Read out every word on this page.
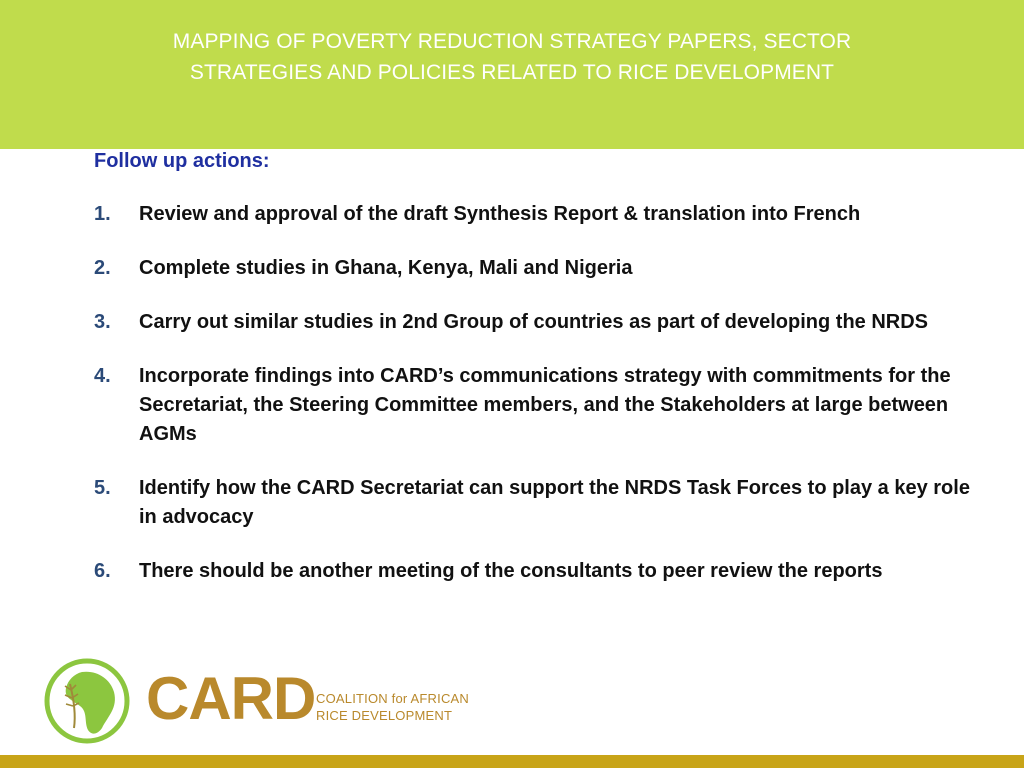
MAPPING OF POVERTY REDUCTION STRATEGY PAPERS, SECTOR
STRATEGIES AND POLICIES RELATED TO RICE DEVELOPMENT
Follow up actions:
1. Review and approval of the draft Synthesis Report & translation into French
2. Complete studies in Ghana, Kenya, Mali and Nigeria
3. Carry out similar studies in 2nd Group of countries as part of developing the NRDS
4. Incorporate findings into CARD’s communications strategy with commitments for the Secretariat, the Steering Committee members, and the Stakeholders at large between AGMs
5. Identify how the CARD Secretariat can support the NRDS Task Forces to play a key role in advocacy
6. There should be another meeting of the consultants to peer review the reports
CARD COALITION for AFRICAN
RICE DEVELOPMENT
